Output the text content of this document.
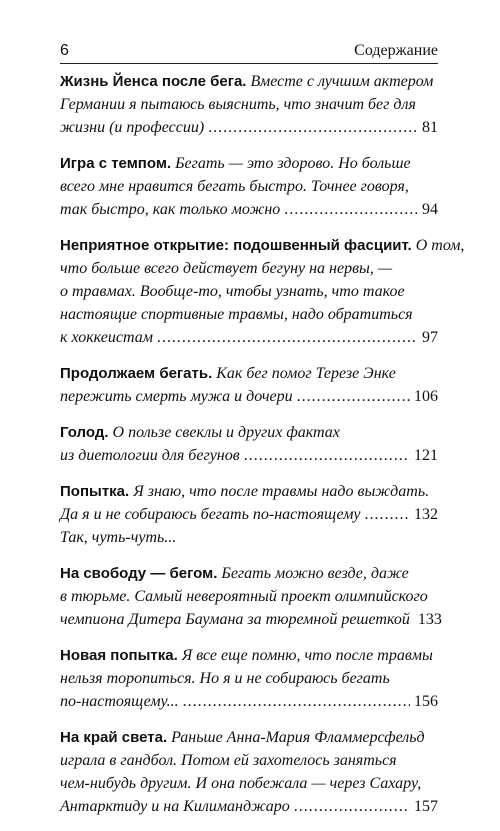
6	Содержание
Жизнь Йенса после бега. Вместе с лучшим актером
Германии я пытаюсь выяснить, что значит бег для
жизни (и профессии) .....	81
Игра с темпом. Бегать — это здорово. Но больше
всего мне нравится бегать быстро. Точнее говоря,
так быстро, как только можно .....	94
Неприятное открытие: подошвенный фасциит. О том,
что больше всего действует бегуну на нервы, —
о травмах. Вообще-то, чтобы узнать, что такое
настоящие спортивные травмы, надо обратиться
к хоккеистам .....	97
Продолжаем бегать. Как бег помог Терезе Энке
пережить смерть мужа и дочери .....	106
Голод. О пользе свеклы и других фактах
из диетологии для бегунов .....	121
Попытка. Я знаю, что после травмы надо выждать.
Да я и не собираюсь бегать по-настоящему .....	132
Так, чуть-чуть...
На свободу — бегом. Бегать можно везде, даже
в тюрьме. Самый невероятный проект олимпийского
чемпиона Дитера Баумана за тюремной решеткой 133
Новая попытка. Я все еще помню, что после травмы
нельзя торопиться. Но я и не собираюсь бегать
по-настоящему... .....	156
На край света. Раньше Анна-Мария Фламмерсфельд
играла в гандбол. Потом ей захотелось заняться
чем-нибудь другим. И она побежала — через Сахару,
Антарктиду и на Килиманджаро .....	157
